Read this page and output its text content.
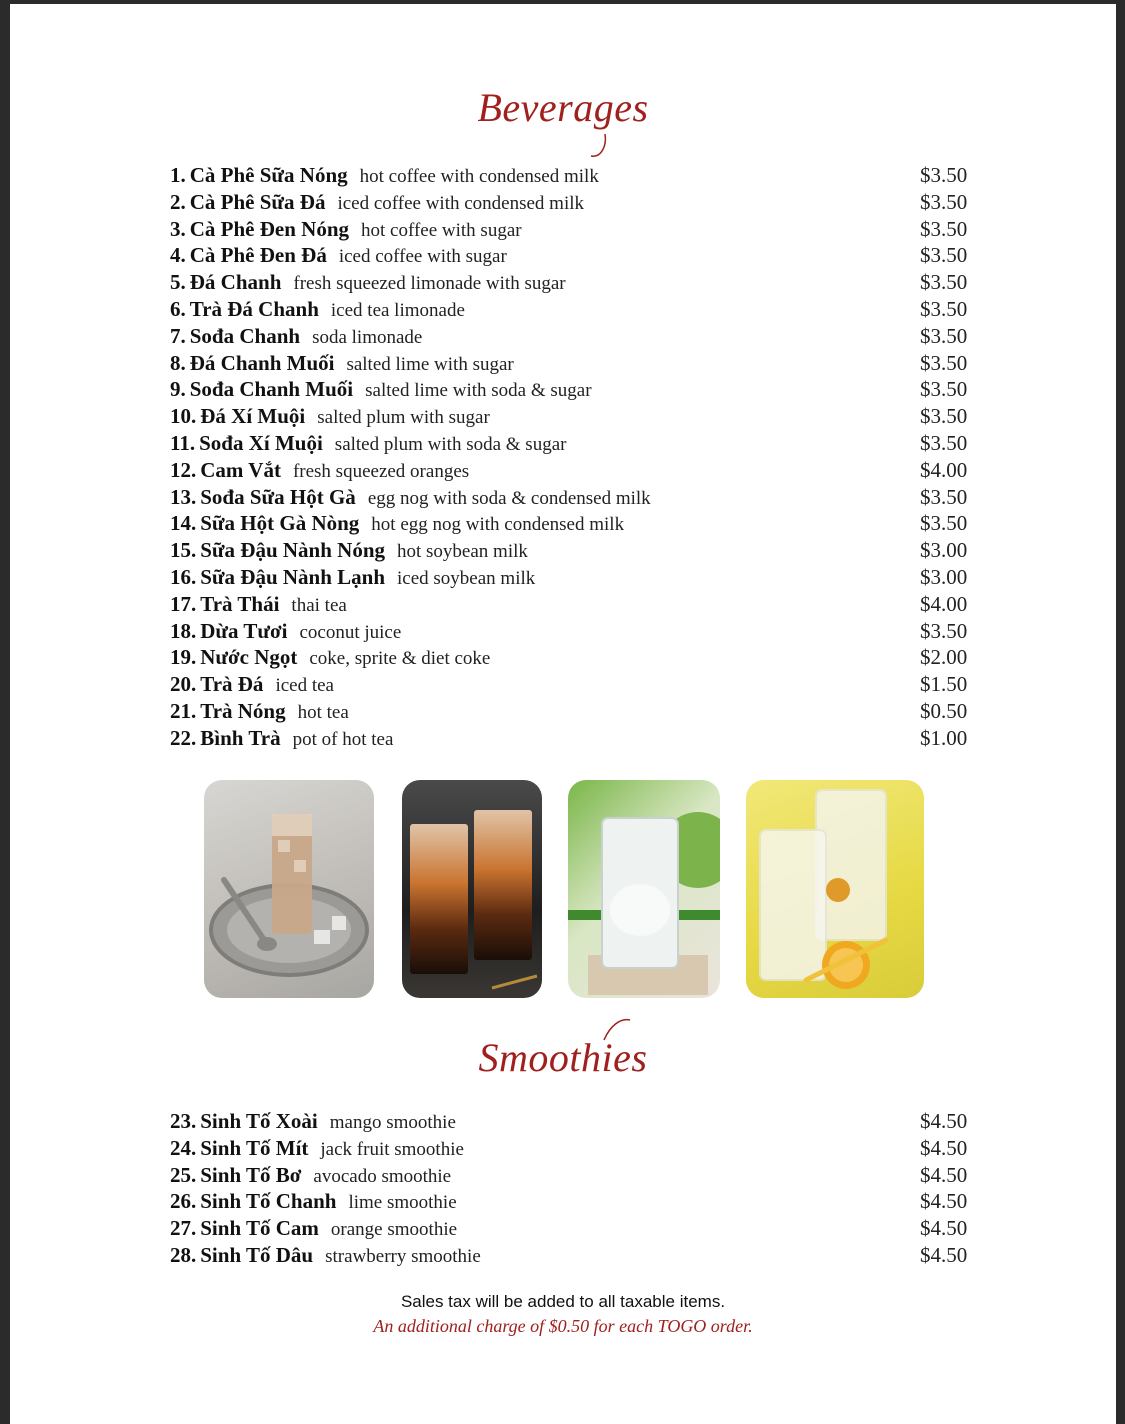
Beverages
1. Cà Phê Sữa Nóng hot coffee with condensed milk	$3.50
2. Cà Phê Sữa Đá iced coffee with condensed milk	$3.50
3. Cà Phê Đen Nóng hot coffee with sugar	$3.50
4. Cà Phê Đen Đá iced coffee with sugar	$3.50
5. Đá Chanh fresh squeezed limonade with sugar	$3.50
6. Trà Đá Chanh iced tea limonade	$3.50
7. Sođa Chanh soda limonade	$3.50
8. Đá Chanh Muối salted lime with sugar	$3.50
9. Sođa Chanh Muối salted lime with soda & sugar	$3.50
10. Đá Xí Muội salted plum with sugar	$3.50
11. Sođa Xí Muội salted plum with soda & sugar	$3.50
12. Cam Vắt fresh squeezed oranges	$4.00
13. Sođa Sữa Hột Gà egg nog with soda & condensed milk	$3.50
14. Sữa Hột Gà Nòng hot egg nog with condensed milk	$3.50
15. Sữa Đậu Nành Nóng hot soybean milk	$3.00
16. Sữa Đậu Nành Lạnh iced soybean milk	$3.00
17. Trà Thái thai tea	$4.00
18. Dừa Tươi coconut juice	$3.50
19. Nước Ngọt coke, sprite & diet coke	$2.00
20. Trà Đá iced tea	$1.50
21. Trà Nóng hot tea	$0.50
22. Bình Trà pot of hot tea	$1.00
Smoothies
23. Sinh Tố Xoài mango smoothie	$4.50
24. Sinh Tố Mít jack fruit smoothie	$4.50
25. Sinh Tố Bơ avocado smoothie	$4.50
26. Sinh Tố Chanh lime smoothie	$4.50
27. Sinh Tố Cam orange smoothie	$4.50
28. Sinh Tố Dâu strawberry smoothie	$4.50
Sales tax will be added to all taxable items.
An additional charge of $0.50 for each TOGO order.
